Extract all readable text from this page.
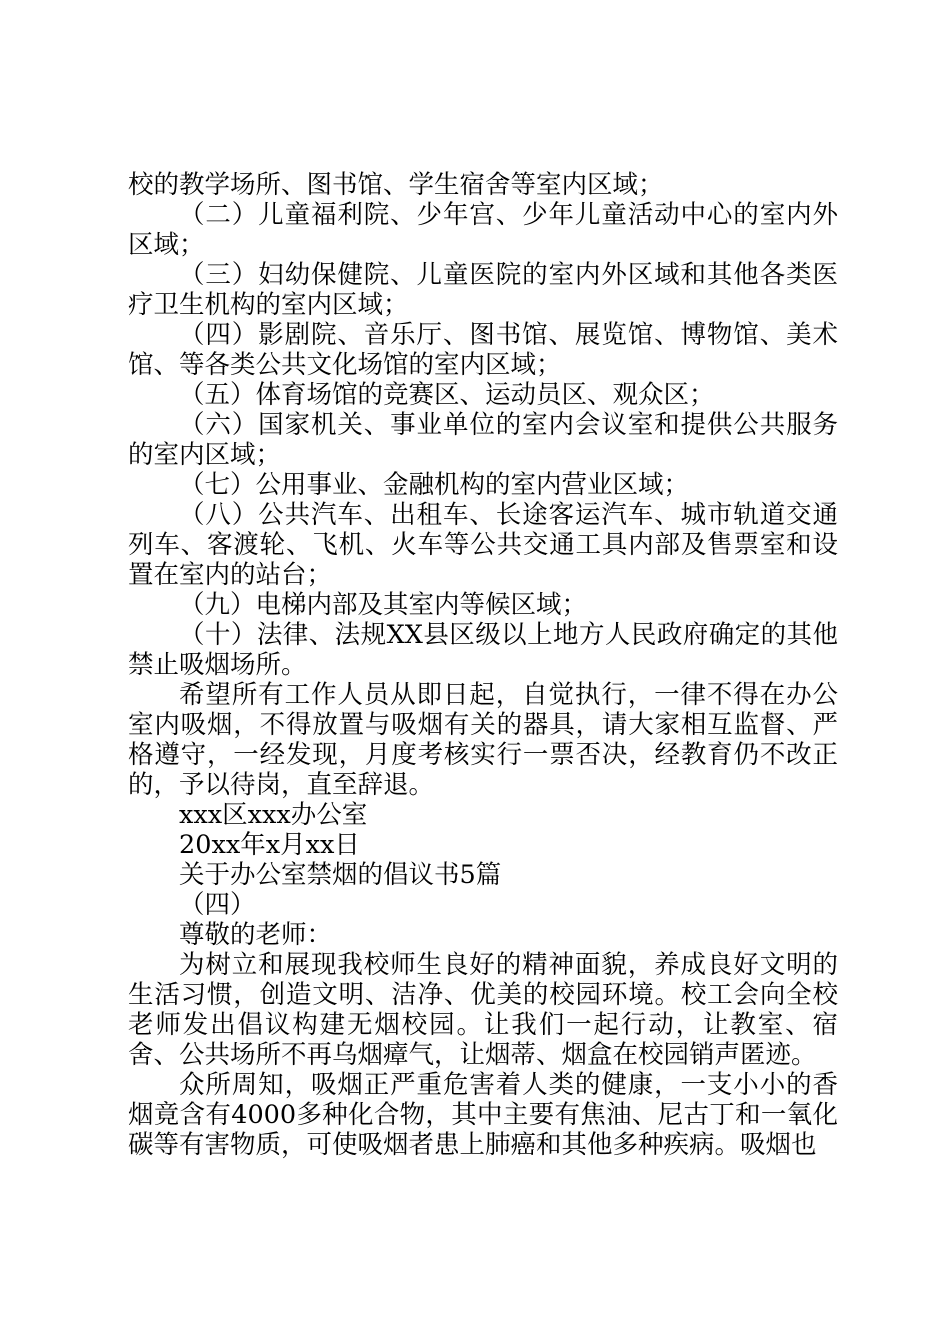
校的教学场所、图书馆、学生宿舍等室内区域；

（二）儿童福利院、少年宫、少年儿童活动中心的室内外区域；

（三）妇幼保健院、儿童医院的室内外区域和其他各类医疗卫生机构的室内区域；

（四）影剧院、音乐厅、图书馆、展览馆、博物馆、美术馆、等各类公共文化场馆的室内区域；

（五）体育场馆的竞赛区、运动员区、观众区；

（六）国家机关、事业单位的室内会议室和提供公共服务的室内区域；

（七）公用事业、金融机构的室内营业区域；

（八）公共汽车、出租车、长途客运汽车、城市轨道交通列车、客渡轮、飞机、火车等公共交通工具内部及售票室和设置在室内的站台；

（九）电梯内部及其室内等候区域；

（十）法律、法规XX县区级以上地方人民政府确定的其他禁止吸烟场所。

希望所有工作人员从即日起，自觉执行，一律不得在办公室内吸烟，不得放置与吸烟有关的器具，请大家相互监督、严格遵守，一经发现，月度考核实行一票否决，经教育仍不改正的，予以待岗，直至辞退。

xxx区xxx办公室

20xx年x月xx日

关于办公室禁烟的倡议书5篇

（四）

尊敬的老师：

为树立和展现我校师生良好的精神面貌，养成良好文明的生活习惯，创造文明、洁净、优美的校园环境。校工会向全校老师发出倡议构建无烟校园。让我们一起行动，让教室、宿舍、公共场所不再乌烟瘴气，让烟蒂、烟盒在校园销声匿迹。

众所周知，吸烟正严重危害着人类的健康，一支小小的香烟竟含有4000多种化合物，其中主要有焦油、尼古丁和一氧化碳等有害物质，可使吸烟者患上肺癌和其他多种疾病。吸烟也
